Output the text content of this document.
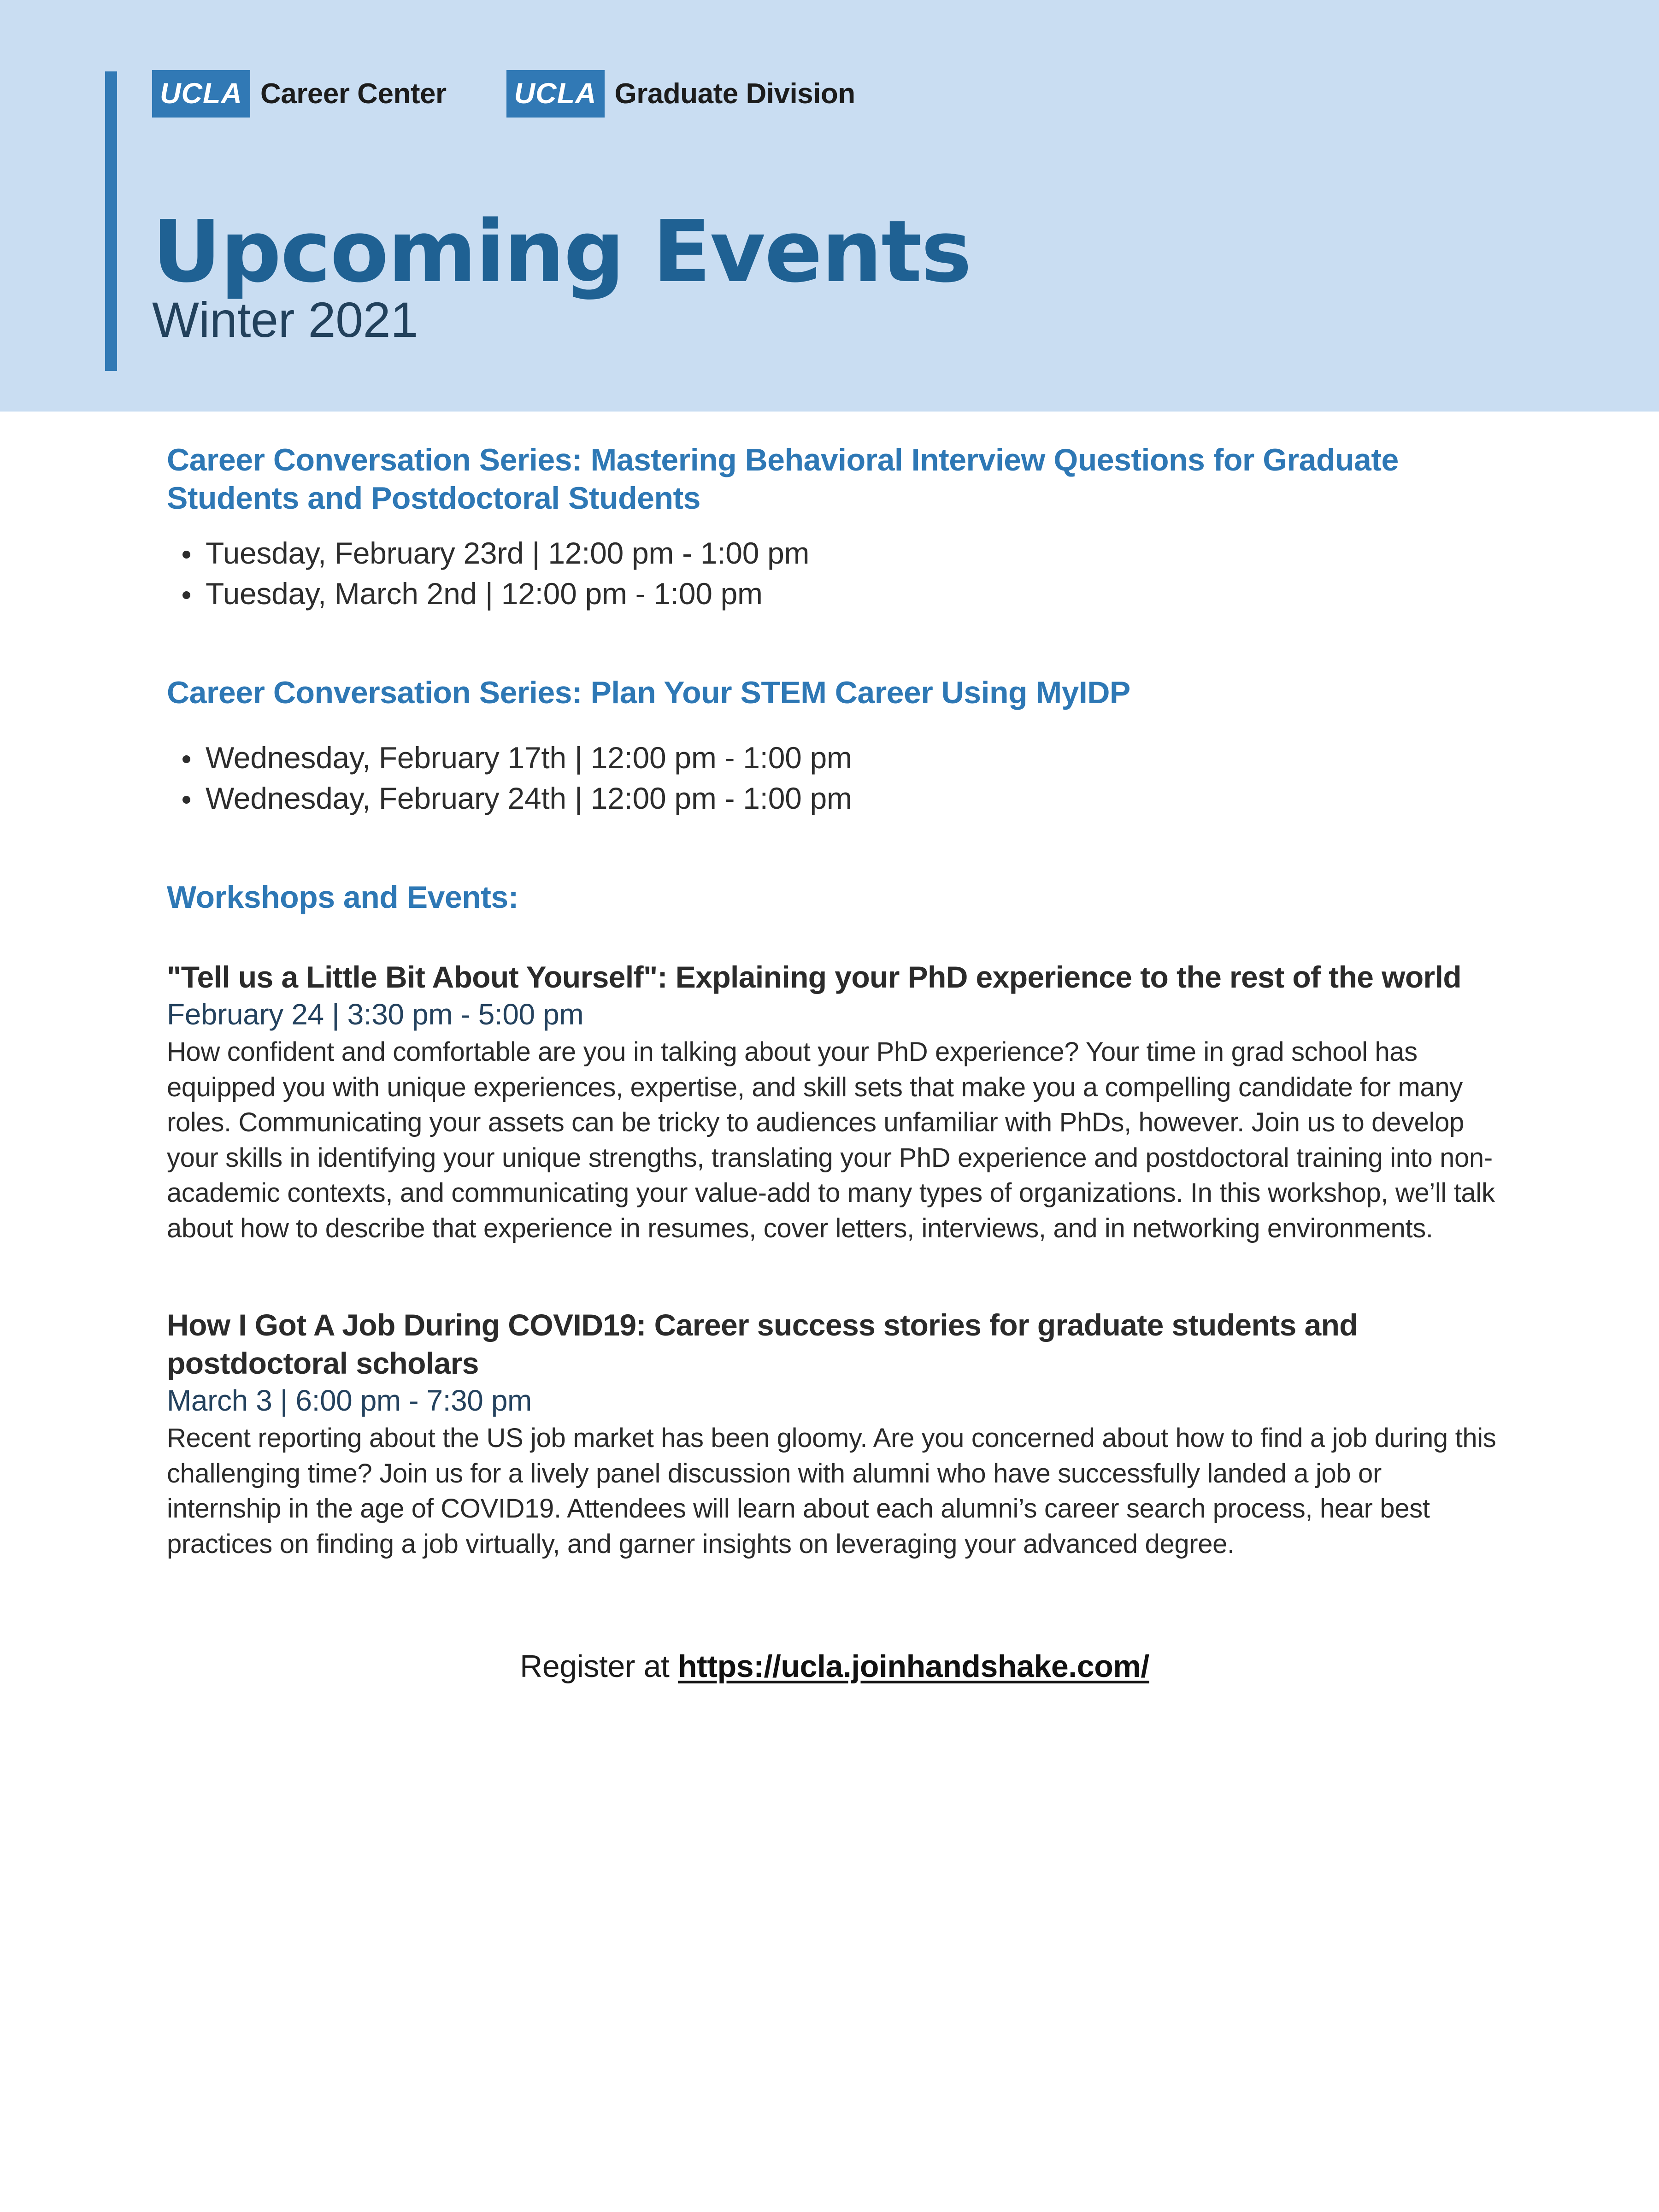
UCLA Career Center UCLA Graduate Division
Upcoming Events
Winter 2021
Career Conversation Series: Mastering Behavioral Interview Questions for Graduate Students and Postdoctoral Students
Tuesday, February 23rd | 12:00 pm - 1:00 pm
Tuesday, March 2nd | 12:00 pm - 1:00 pm
Career Conversation Series: Plan Your STEM Career Using MyIDP
Wednesday, February 17th | 12:00 pm - 1:00 pm
Wednesday, February 24th | 12:00 pm - 1:00 pm
Workshops and Events:
"Tell us a Little Bit About Yourself": Explaining your PhD experience to the rest of the world
February 24 | 3:30 pm - 5:00 pm

How confident and comfortable are you in talking about your PhD experience? Your time in grad school has equipped you with unique experiences, expertise, and skill sets that make you a compelling candidate for many roles. Communicating your assets can be tricky to audiences unfamiliar with PhDs, however. Join us to develop your skills in identifying your unique strengths, translating your PhD experience and postdoctoral training into non-academic contexts, and communicating your value-add to many types of organizations. In this workshop, we’ll talk about how to describe that experience in resumes, cover letters, interviews, and in networking environments.

How I Got A Job During COVID19: Career success stories for graduate students and postdoctoral scholars
March 3 | 6:00 pm - 7:30 pm

Recent reporting about the US job market has been gloomy. Are you concerned about how to find a job during this challenging time? Join us for a lively panel discussion with alumni who have successfully landed a job or internship in the age of COVID19. Attendees will learn about each alumni’s career search process, hear best practices on finding a job virtually, and garner insights on leveraging your advanced degree.

Register at https://ucla.joinhandshake.com/
